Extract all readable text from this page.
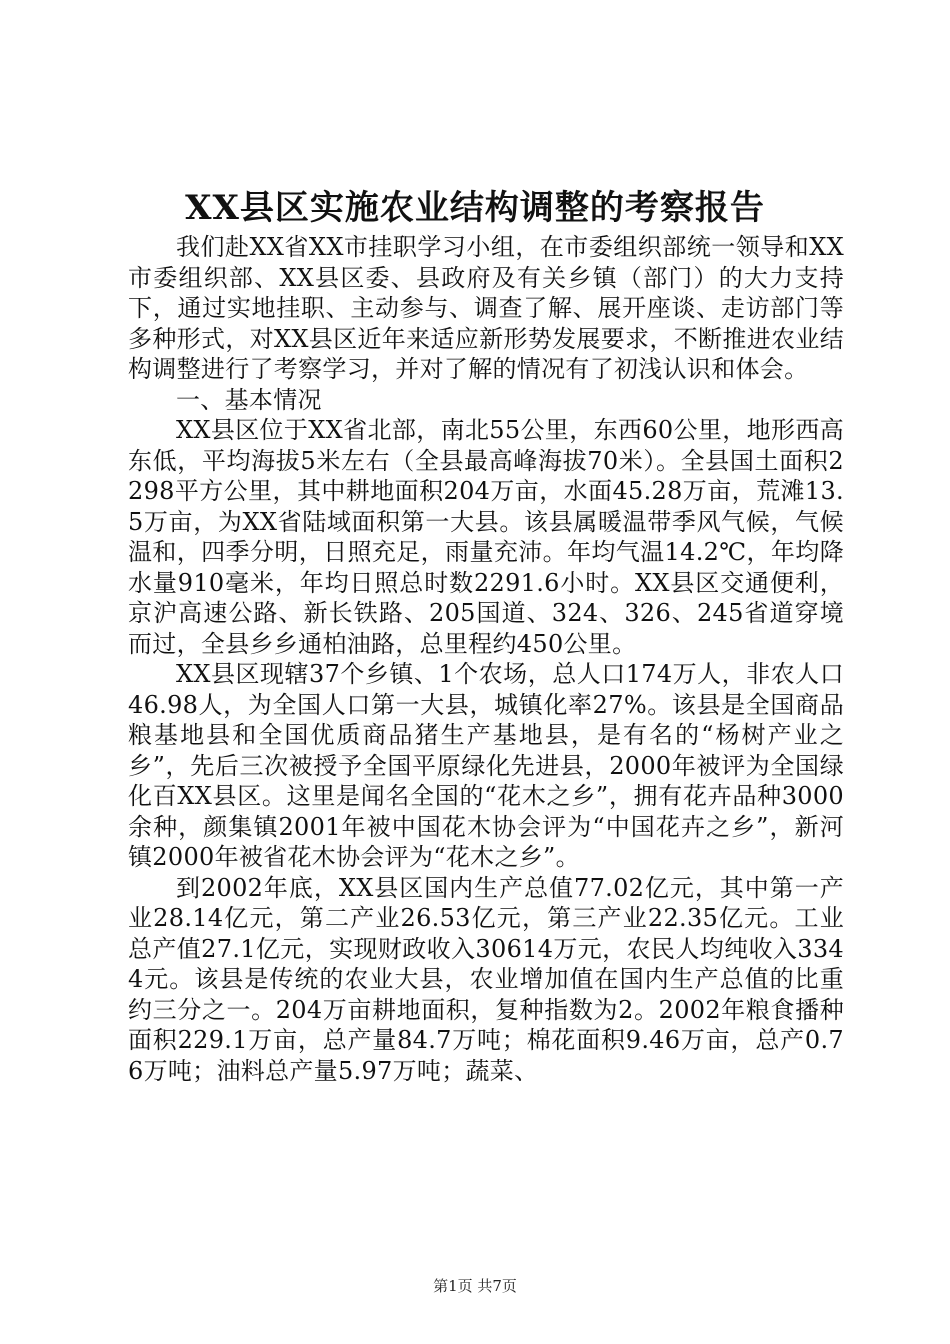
XX县区实施农业结构调整的考察报告

我们赴XX省XX市挂职学习小组，在市委组织部统一领导和XX市委组织部、XX县区委、县政府及有关乡镇（部门）的大力支持下，通过实地挂职、主动参与、调查了解、展开座谈、走访部门等多种形式，对XX县区近年来适应新形势发展要求，不断推进农业结构调整进行了考察学习，并对了解的情况有了初浅认识和体会。

一、基本情况

XX县区位于XX省北部，南北55公里，东西60公里，地形西高东低，平均海拔5米左右（全县最高峰海拔70米）。全县国土面积2298平方公里，其中耕地面积204万亩，水面45.28万亩，荒滩13.5万亩，为XX省陆域面积第一大县。该县属暖温带季风气候，气候温和，四季分明，日照充足，雨量充沛。年均气温14.2℃，年均降水量910毫米，年均日照总时数2291.6小时。XX县区交通便利，京沪高速公路、新长铁路、205国道、324、326、245省道穿境而过，全县乡乡通柏油路，总里程约450公里。

XX县区现辖37个乡镇、1个农场，总人口174万人，非农人口46.98人，为全国人口第一大县，城镇化率27%。该县是全国商品粮基地县和全国优质商品猪生产基地县，是有名的“杨树产业之乡”，先后三次被授予全国平原绿化先进县，2000年被评为全国绿化百XX县区。这里是闻名全国的“花木之乡”，拥有花卉品种3000余种，颜集镇2001年被中国花木协会评为“中国花卉之乡”，新河镇2000年被省花木协会评为“花木之乡”。

到2002年底，XX县区国内生产总值77.02亿元，其中第一产业28.14亿元，第二产业26.53亿元，第三产业22.35亿元。工业总产值27.1亿元，实现财政收入30614万元，农民人均纯收入3344元。该县是传统的农业大县，农业增加值在国内生产总值的比重约三分之一。204万亩耕地面积，复种指数为2。2002年粮食播种面积229.1万亩，总产量84.7万吨；棉花面积9.46万亩，总产0.76万吨；油料总产量5.97万吨；蔬菜、

第1页 共7页
